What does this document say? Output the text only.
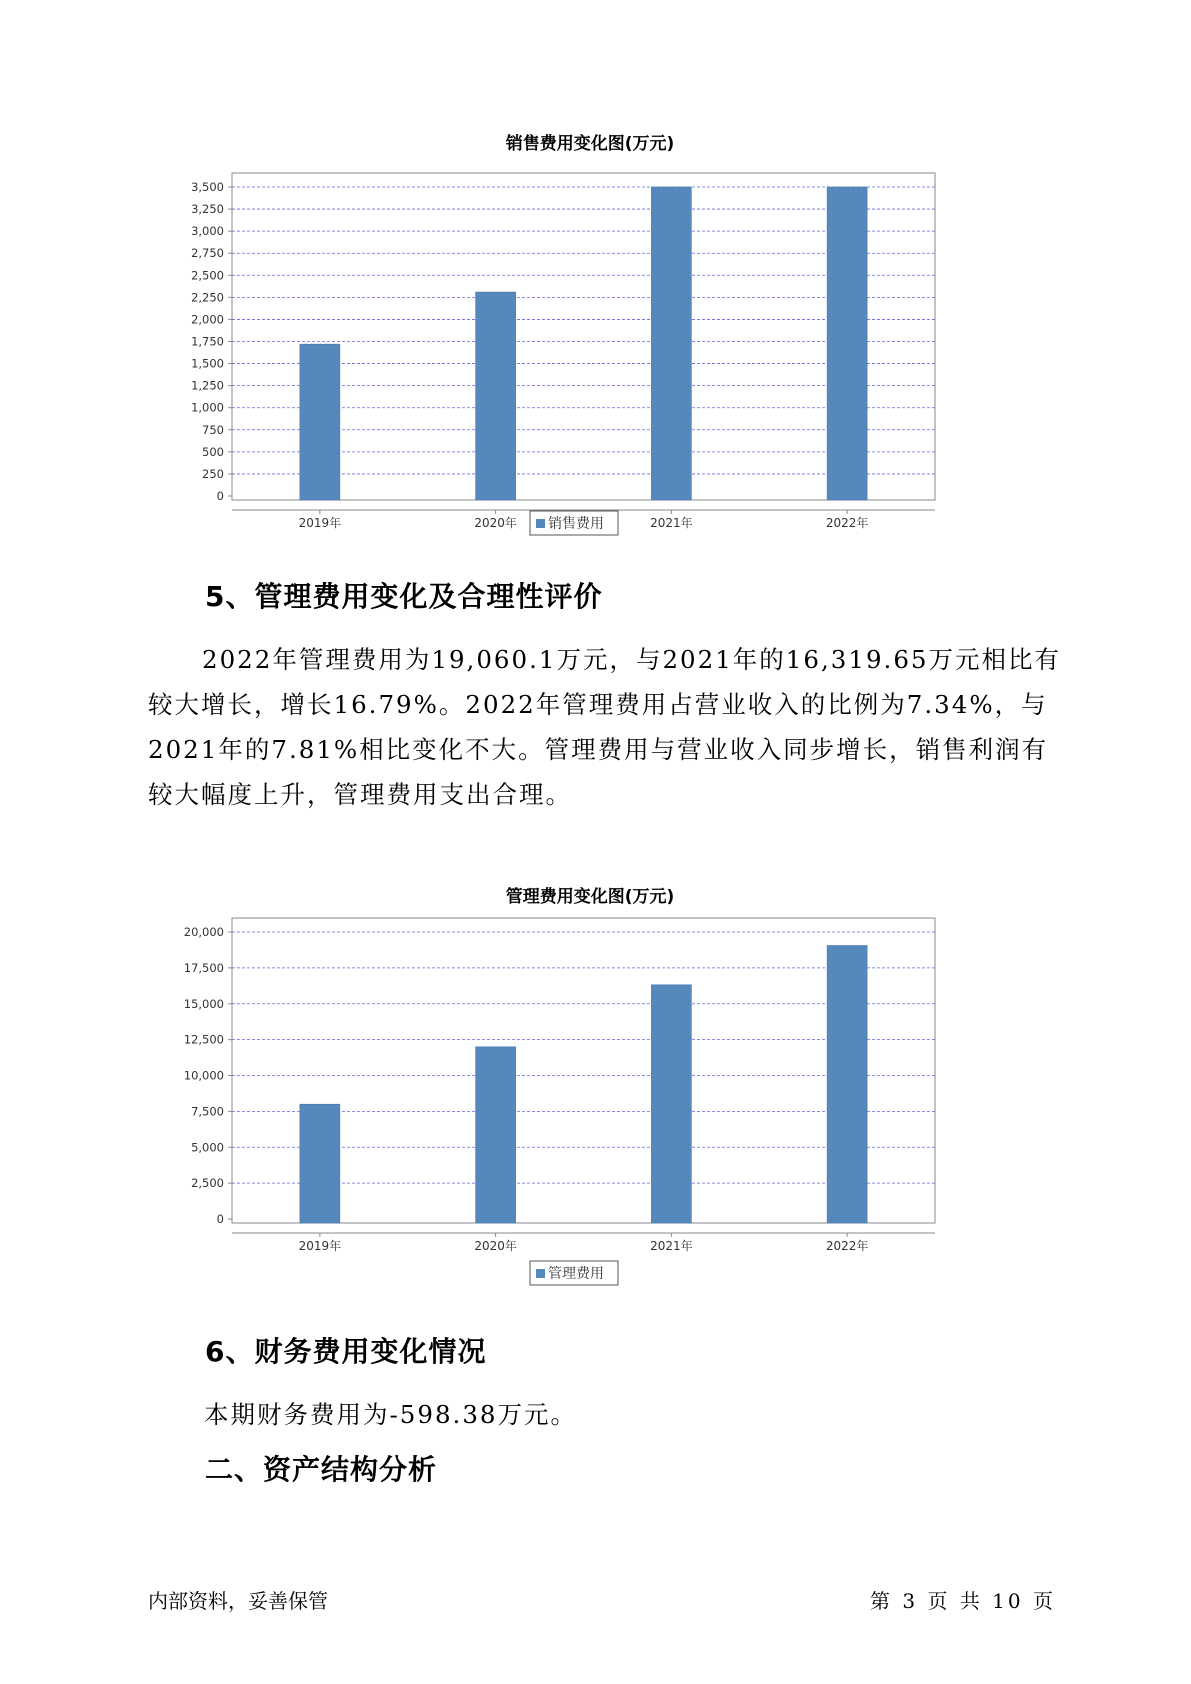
销售费用变化图(万元)
0
250
500
750
1,000
1,250
1,500
1,750
2,000
2,250
2,500
2,750
3,000
3,250
3,500
2019年	2020年	2021年	2022年
销售费用
5、管理费用变化及合理性评价

2022年管理费用为19,060.1万元，与2021年的16,319.65万元相比有较大增长，增长16.79%。2022年管理费用占营业收入的比例为7.34%，与2021年的7.81%相比变化不大。管理费用与营业收入同步增长，销售利润有较大幅度上升，管理费用支出合理。

管理费用变化图(万元)
0
2,500
5,000
7,500
10,000
12,500
15,000
17,500
20,000
2019年	2020年	2021年	2022年
管理费用
6、财务费用变化情况

本期财务费用为-598.38万元。

二、资产结构分析
内部资料，妥善保管	第 3 页 共 10 页
